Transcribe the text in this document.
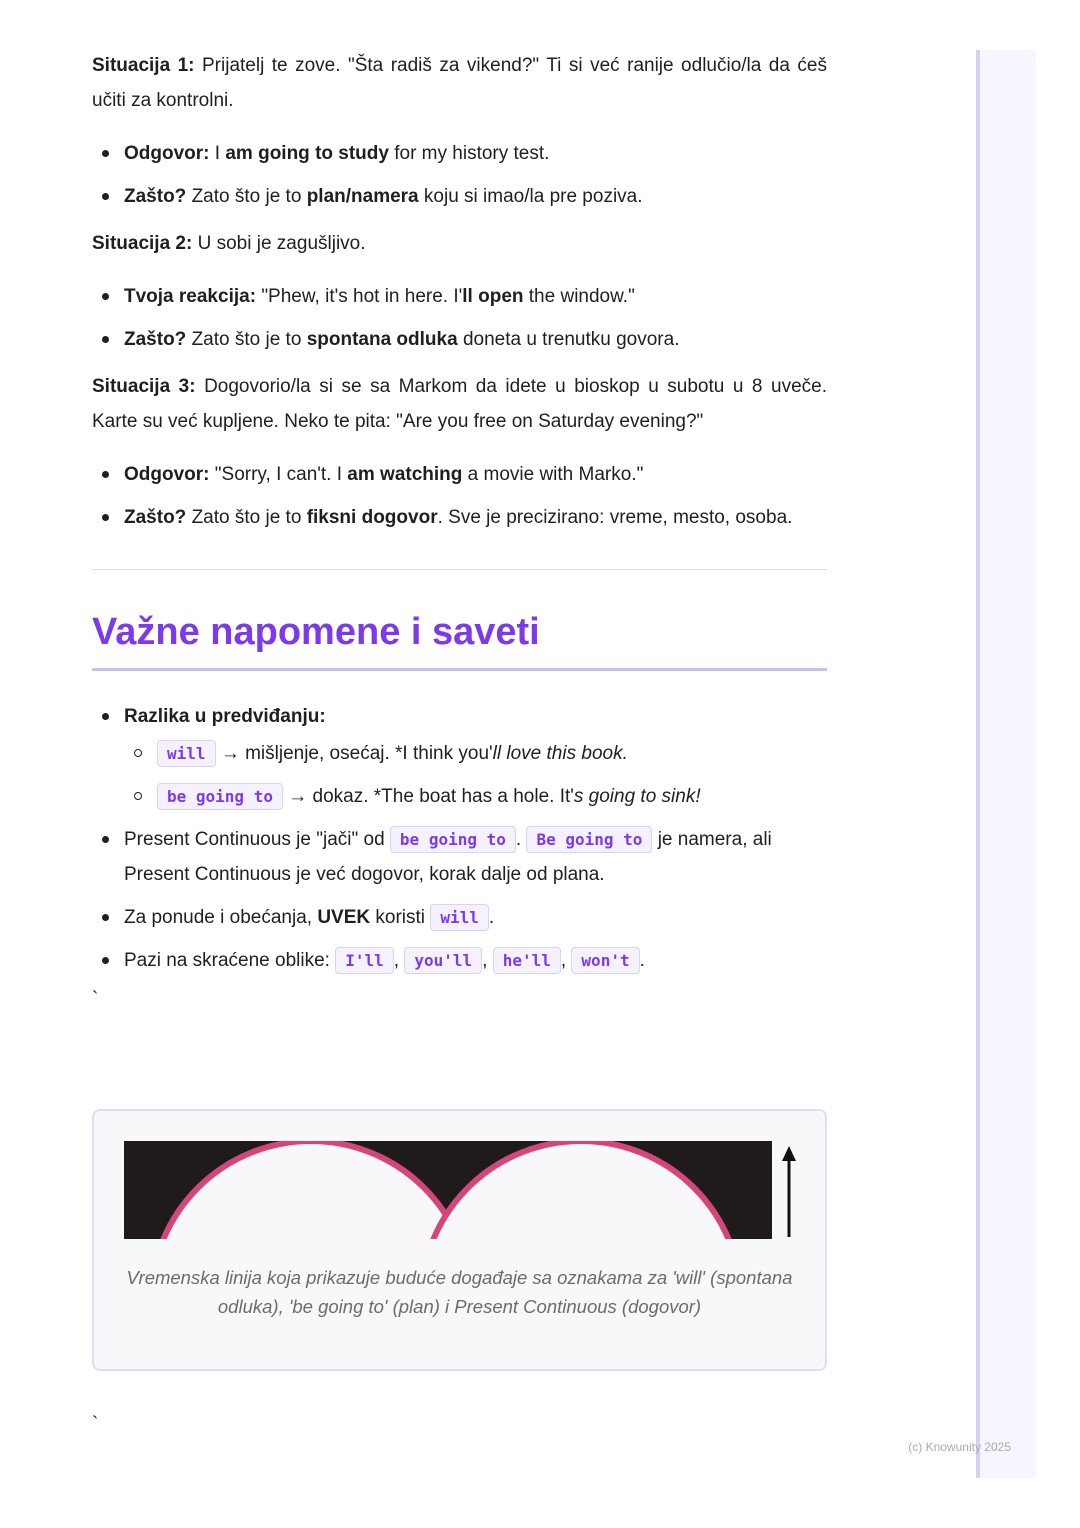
Situacija 1: Prijatelj te zove. "Šta radiš za vikend?" Ti si već ranije odlučio/la da ćeš učiti za kontrolni.

Odgovor: I am going to study for my history test.
Zašto? Zato što je to plan/namera koju si imao/la pre poziva.

Situacija 2: U sobi je zagušljivo.

Tvoja reakcija: "Phew, it's hot in here. I'll open the window."
Zašto? Zato što je to spontana odluka doneta u trenutku govora.

Situacija 3: Dogovorio/la si se sa Markom da idete u bioskop u subotu u 8 uveče. Karte su već kupljene. Neko te pita: "Are you free on Saturday evening?"

Odgovor: "Sorry, I can't. I am watching a movie with Marko."
Zašto? Zato što je to fiksni dogovor. Sve je precizirano: vreme, mesto, osoba.
Važne napomene i saveti
Razlika u predviđanju:
will → mišljenje, osećaj. *I think you'll love this book.
be going to → dokaz. *The boat has a hole. It's going to sink!
Present Continuous je "jači" od be going to . Be going to je namera, ali Present Continuous je već dogovor, korak dalje od plana.
Za ponude i obećanja, UVEK koristi will .
Pazi na skraćene oblike: I'll , you'll , he'll , won't .
`
Vremenska linija koja prikazuje buduće događaje sa oznakama za 'will' (spontana odluka), 'be going to' (plan) i Present Continuous (dogovor)
`
(c) Knowunity 2025
